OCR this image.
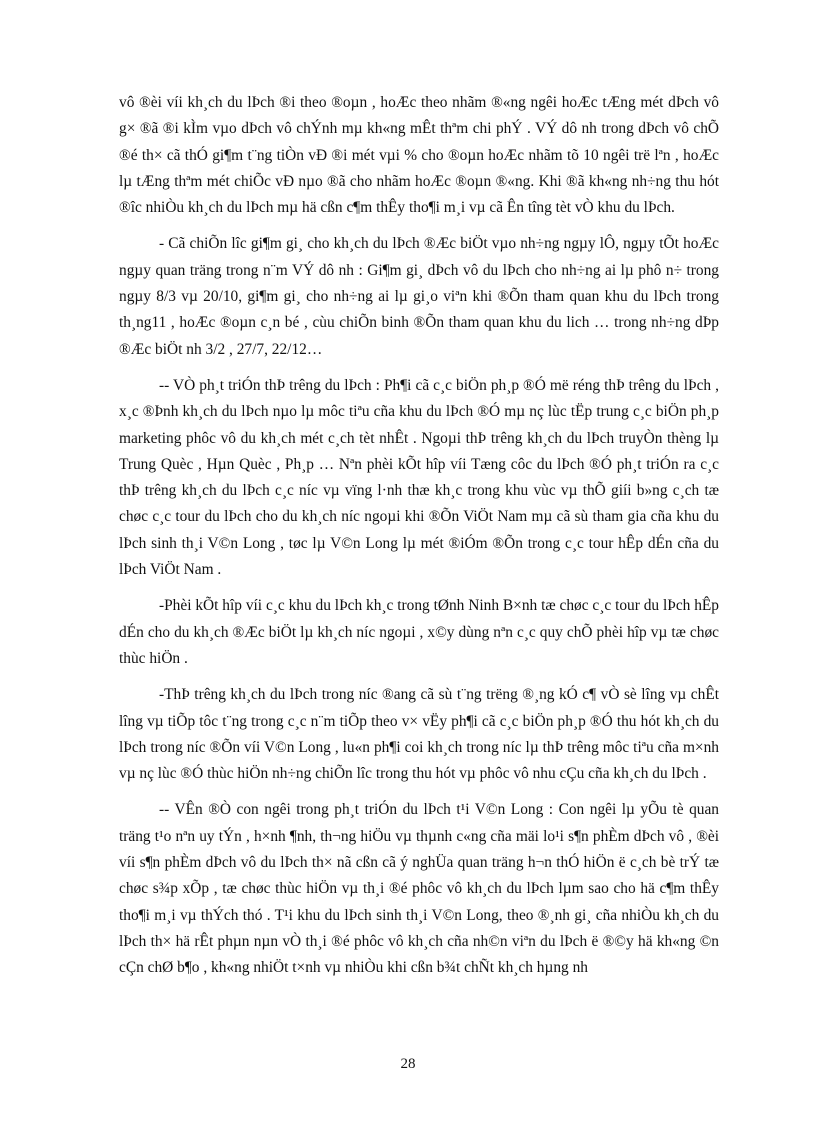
vô ®èi víi kh¸ch du lÞch ®i theo ®oµn , hoÆc theo nhãm ®«ng ngêi hoÆc tÆng mét dÞch vô g× ®ã ®i kÌm vµo dÞch vô chÝnh mµ kh«ng mÊt thªm chi phÝ . VÝ dô nh trong dÞch vô chÕ ®é th× cã thÓ gi¶m t¨ng tiÒn vÐ ®i mét vµi % cho ®oµn hoÆc nhãm tõ 10 ngêi trë lªn , hoÆc lµ tÆng thªm mét chiÕc vÐ nµo ®ã cho nhãm hoÆc ®oµn ®«ng. Khi ®ã kh«ng nh÷ng thu hót ®îc nhiÒu kh¸ch du lÞch mµ hä cßn c¶m thÊy tho¶i m¸i vµ cã Ên tîng tèt vÒ khu du lÞch.

- Cã chiÕn lîc gi¶m gi¸ cho kh¸ch du lÞch ®Æc biÖt vµo nh÷ng ngµy lÔ, ngµy tÕt hoÆc ngµy quan träng trong n¨m VÝ dô nh : Gi¶m gi¸ dÞch vô du lÞch cho nh÷ng ai lµ phô n÷ trong ngµy 8/3 vµ 20/10, gi¶m gi¸ cho nh÷ng ai lµ gi¸o viªn khi ®Õn tham quan khu du lÞch trong th¸ng11 , hoÆc ®oµn c¸n bé , cùu chiÕn binh ®Õn tham quan khu du lich … trong nh÷ng dÞp ®Æc biÖt nh 3/2 , 27/7, 22/12…

-- VÒ ph¸t triÓn thÞ trêng du lÞch : Ph¶i cã c¸c biÖn ph¸p ®Ó më réng thÞ trêng du lÞch , x¸c ®Þnh kh¸ch du lÞch nµo lµ môc tiªu cña khu du lÞch ®Ó mµ nç lùc tËp trung c¸c biÖn ph¸p marketing phôc vô du kh¸ch mét c¸ch tèt nhÊt . Ngoµi thÞ trêng kh¸ch du lÞch truyÒn thèng lµ Trung Quèc , Hµn Quèc , Ph¸p … Nªn phèi kÕt hîp víi Tæng côc du lÞch ®Ó ph¸t triÓn ra c¸c thÞ trêng kh¸ch du lÞch c¸c níc vµ vïng l·nh thæ kh¸c trong khu vùc vµ thÕ giíi b»ng c¸ch tæ chøc c¸c tour du lÞch cho du kh¸ch níc ngoµi khi ®Õn ViÖt Nam mµ cã sù tham gia cña khu du lÞch sinh th¸i V©n Long , tøc lµ V©n Long lµ mét ®iÓm ®Õn trong c¸c tour hÊp dÉn cña du lÞch ViÖt Nam .

-Phèi kÕt hîp víi c¸c khu du lÞch kh¸c trong tØnh Ninh B×nh tæ chøc c¸c tour du lÞch hÊp dÉn cho du kh¸ch ®Æc biÖt lµ kh¸ch níc ngoµi , x©y dùng nªn c¸c quy chÕ phèi hîp vµ tæ chøc thùc hiÖn .

-ThÞ trêng kh¸ch du lÞch trong níc ®ang cã sù t¨ng trëng ®¸ng kÓ c¶ vÒ sè lîng vµ chÊt lîng vµ tiÕp tôc t¨ng trong c¸c n¨m tiÕp theo v× vËy ph¶i cã c¸c biÖn ph¸p ®Ó thu hót kh¸ch du lÞch trong níc ®Õn víi V©n Long , lu«n ph¶i coi kh¸ch trong níc lµ thÞ trêng môc tiªu cña m×nh vµ nç lùc ®Ó thùc hiÖn nh÷ng chiÕn lîc trong thu hót vµ phôc vô nhu cÇu cña kh¸ch du lÞch .

-- VÊn ®Ò con ngêi trong ph¸t triÓn du lÞch t¹i V©n Long : Con ngêi lµ yÕu tè quan träng t¹o nªn uy tÝn , h×nh ¶nh, th¬ng hiÖu vµ thµnh c«ng cña mäi lo¹i s¶n phÈm dÞch vô , ®èi víi s¶n phÈm dÞch vô du lÞch th× nã cßn cã ý nghÜa quan träng h¬n thÓ hiÖn ë c¸ch bè trÝ tæ chøc s¾p xÕp , tæ chøc thùc hiÖn vµ th¸i ®é phôc vô kh¸ch du lÞch lµm sao cho hä c¶m thÊy tho¶i m¸i vµ thÝch thó . T¹i khu du lÞch sinh th¸i V©n Long, theo ®¸nh gi¸ cña nhiÒu kh¸ch du lÞch th× hä rÊt phµn nµn vÒ th¸i ®é phôc vô kh¸ch cña nh©n viªn du lÞch ë ®©y hä kh«ng ©n cÇn chØ b¶o , kh«ng nhiÖt t×nh vµ nhiÒu khi cßn b¾t chÑt kh¸ch hµng nh

28
